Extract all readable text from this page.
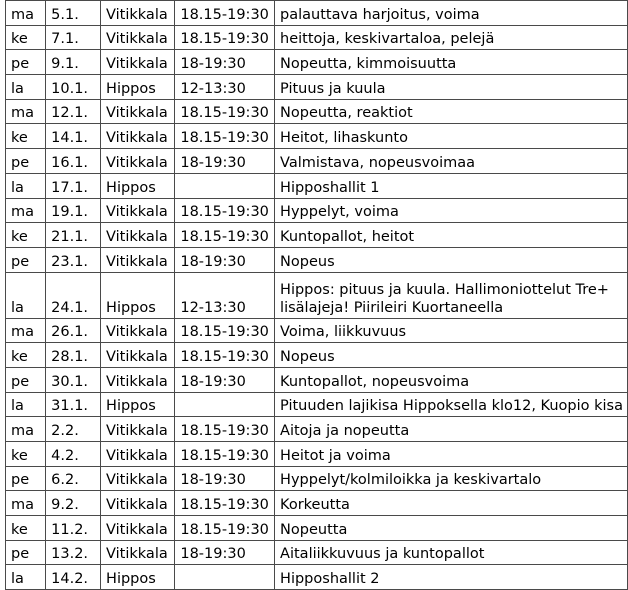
ma	5.1.	Vitikkala	18.15-19:30	palauttava harjoitus, voima
ke	7.1.	Vitikkala	18.15-19:30	heittoja, keskivartaloa, pelejä
pe	9.1.	Vitikkala	18-19:30	Nopeutta, kimmoisuutta
la	10.1.	Hippos	12-13:30	Pituus ja kuula
ma	12.1.	Vitikkala	18.15-19:30	Nopeutta, reaktiot
ke	14.1.	Vitikkala	18.15-19:30	Heitot, lihaskunto
pe	16.1.	Vitikkala	18-19:30	Valmistava, nopeusvoimaa
la	17.1.	Hippos		Hipposhallit 1
ma	19.1.	Vitikkala	18.15-19:30	Hyppelyt, voima
ke	21.1.	Vitikkala	18.15-19:30	Kuntopallot, heitot
pe	23.1.	Vitikkala	18-19:30	Nopeus
la	24.1.	Hippos	12-13:30	Hippos: pituus ja kuula. Hallimoniottelut Tre+ lisälajeja! Piirileiri Kuortaneella
ma	26.1.	Vitikkala	18.15-19:30	Voima, liikkuvuus
ke	28.1.	Vitikkala	18.15-19:30	Nopeus
pe	30.1.	Vitikkala	18-19:30	Kuntopallot, nopeusvoima
la	31.1.	Hippos		Pituuden lajikisa Hippoksella klo12, Kuopio kisa
ma	2.2.	Vitikkala	18.15-19:30	Aitoja ja nopeutta
ke	4.2.	Vitikkala	18.15-19:30	Heitot ja voima
pe	6.2.	Vitikkala	18-19:30	Hyppelyt/kolmiloikka ja keskivartalo
ma	9.2.	Vitikkala	18.15-19:30	Korkeutta
ke	11.2.	Vitikkala	18.15-19:30	Nopeutta
pe	13.2.	Vitikkala	18-19:30	Aitaliikkuvuus ja kuntopallot
la	14.2.	Hippos		Hipposhallit 2
